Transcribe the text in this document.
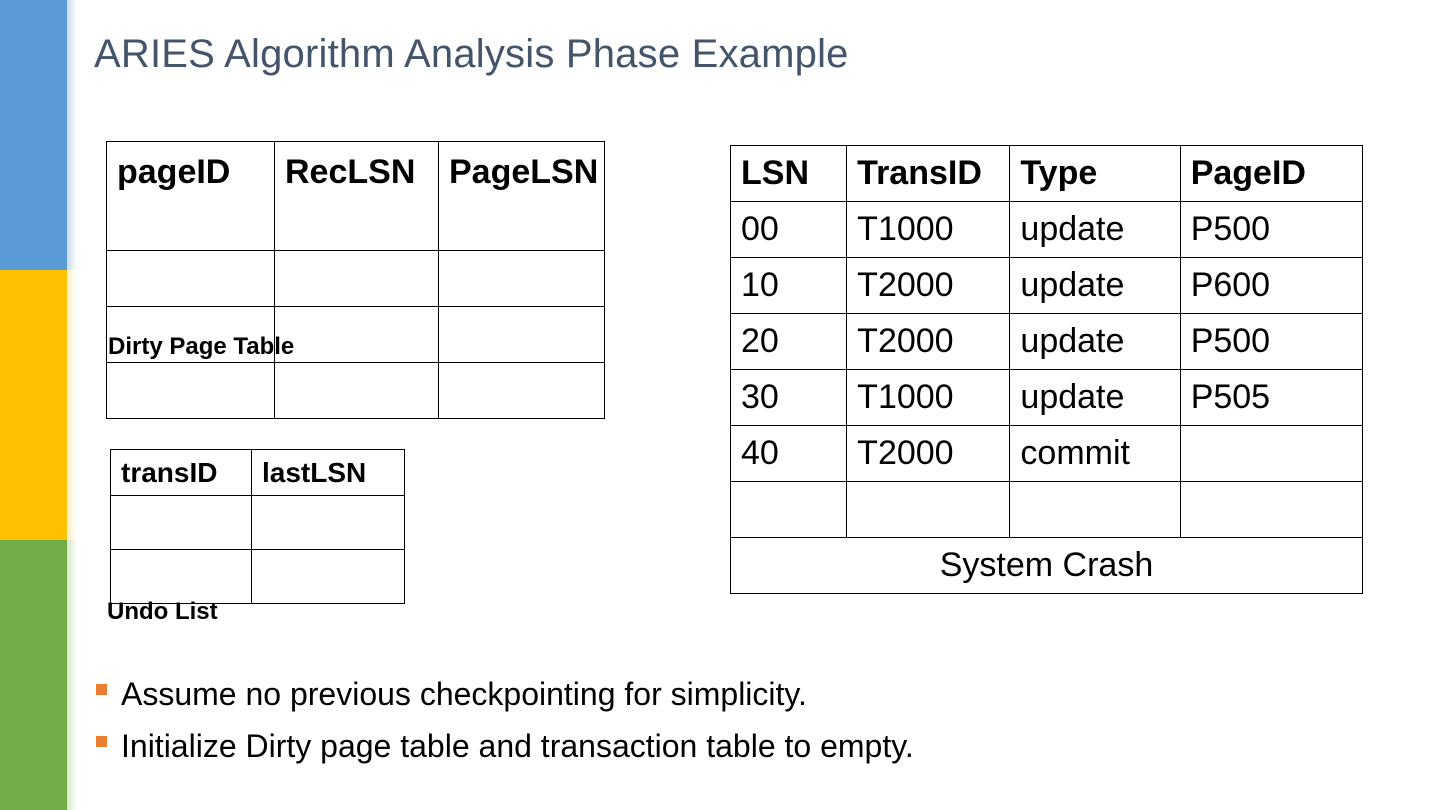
ARIES Algorithm Analysis Phase Example
pageID	RecLSN	PageLSN

Dirty Page Table
transID	lastLSN

Undo List
LSN	TransID	Type	PageID
00	T1000	update	P500
10	T2000	update	P600
20	T2000	update	P500
30	T1000	update	P505
40	T2000	commit	

System Crash			
Assume no previous checkpointing for simplicity.
Initialize Dirty page table and transaction table to empty.
